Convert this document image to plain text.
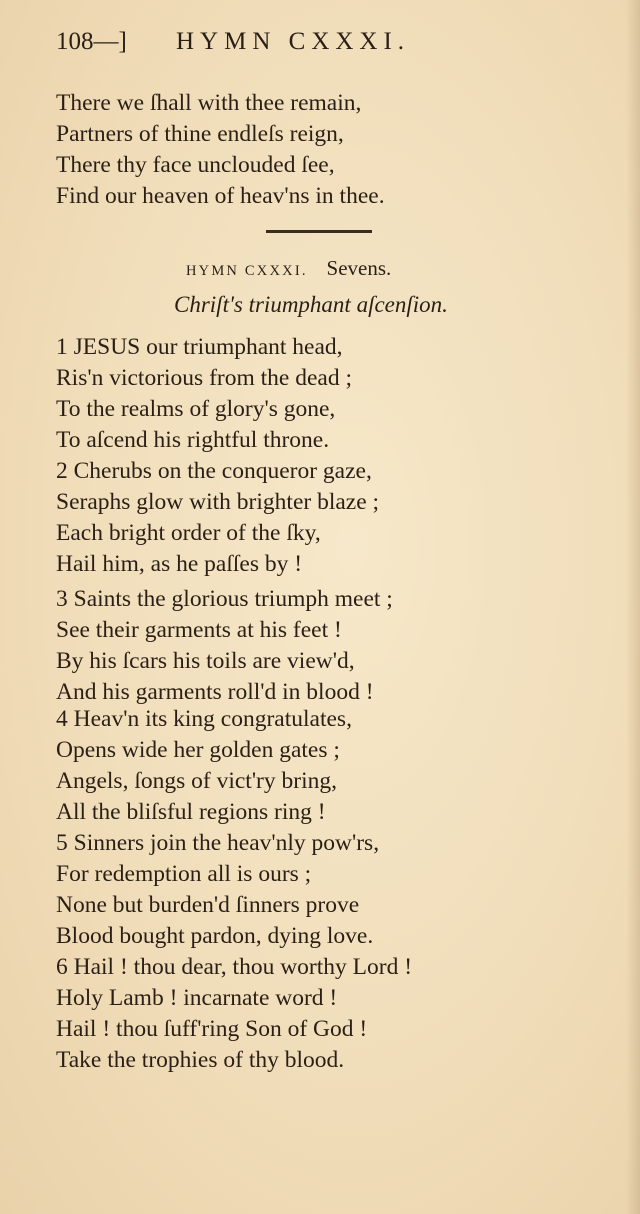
108—]	HYMN CXXXI.
There we ſhall with thee remain,
Partners of thine endleſs reign,
There thy face unclouded ſee,
Find our heaven of heav'ns in thee.
HYMN CXXXI. Sevens.
Chriſt's triumphant aſcenſion.
1 JESUS our triumphant head,
Ris'n victorious from the dead ;
To the realms of glory's gone,
To aſcend his rightful throne.
2 Cherubs on the conqueror gaze,
Seraphs glow with brighter blaze ;
Each bright order of the ſky,
Hail him, as he paſſes by !
3 Saints the glorious triumph meet ;
See their garments at his feet !
By his ſcars his toils are view'd,
And his garments roll'd in blood !
4 Heav'n its king congratulates,
Opens wide her golden gates ;
Angels, ſongs of vict'ry bring,
All the bliſsful regions ring !
5 Sinners join the heav'nly pow'rs,
For redemption all is ours ;
None but burden'd ſinners prove
Blood bought pardon, dying love.
6 Hail ! thou dear, thou worthy Lord !
Holy Lamb ! incarnate word !
Hail ! thou ſuff'ring Son of God !
Take the trophies of thy blood.
